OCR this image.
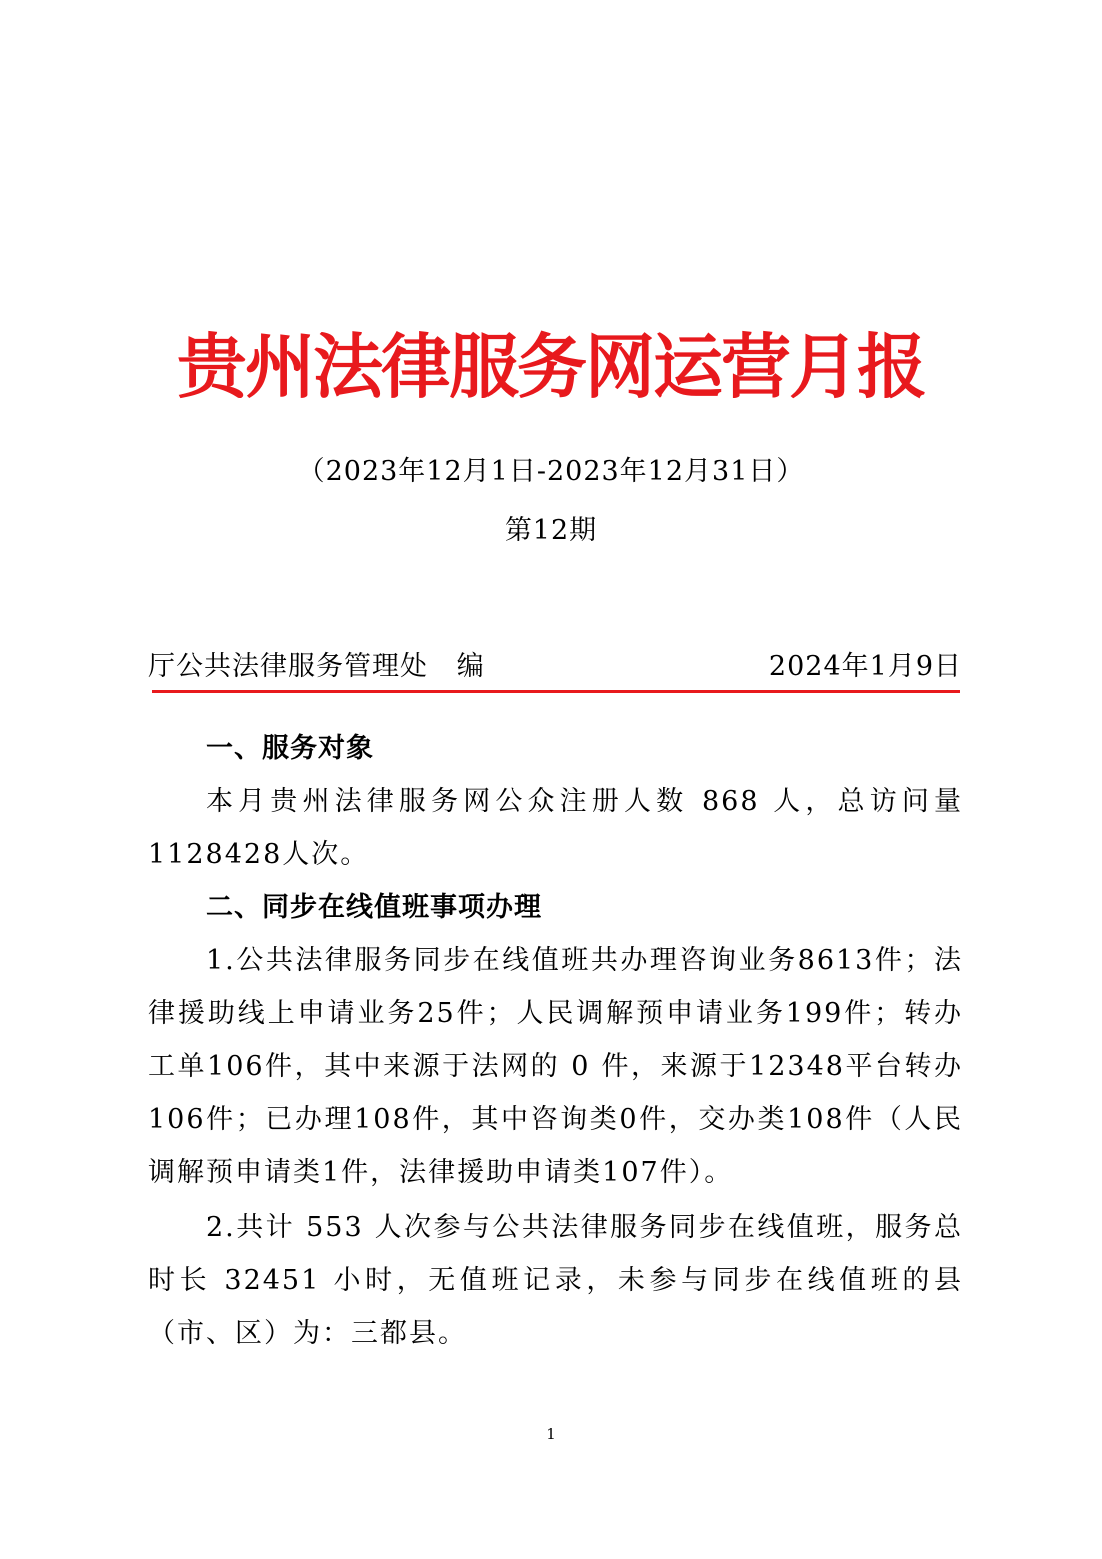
贵州法律服务网运营月报
（2023年12月1日-2023年12月31日）
第12期
厅公共法律服务管理处   编	2024年1月9日

一、服务对象

本月贵州法律服务网公众注册人数 868 人，总访问量1128428人次。

二、同步在线值班事项办理

1.公共法律服务同步在线值班共办理咨询业务8613件；法律援助线上申请业务25件；人民调解预申请业务199件；转办工单106件，其中来源于法网的 0 件，来源于12348平台转办106件；已办理108件，其中咨询类0件，交办类108件（人民调解预申请类1件，法律援助申请类107件）。

2.共计 553 人次参与公共法律服务同步在线值班，服务总时长 32451 小时，无值班记录，未参与同步在线值班的县（市、区）为：三都县。

1
